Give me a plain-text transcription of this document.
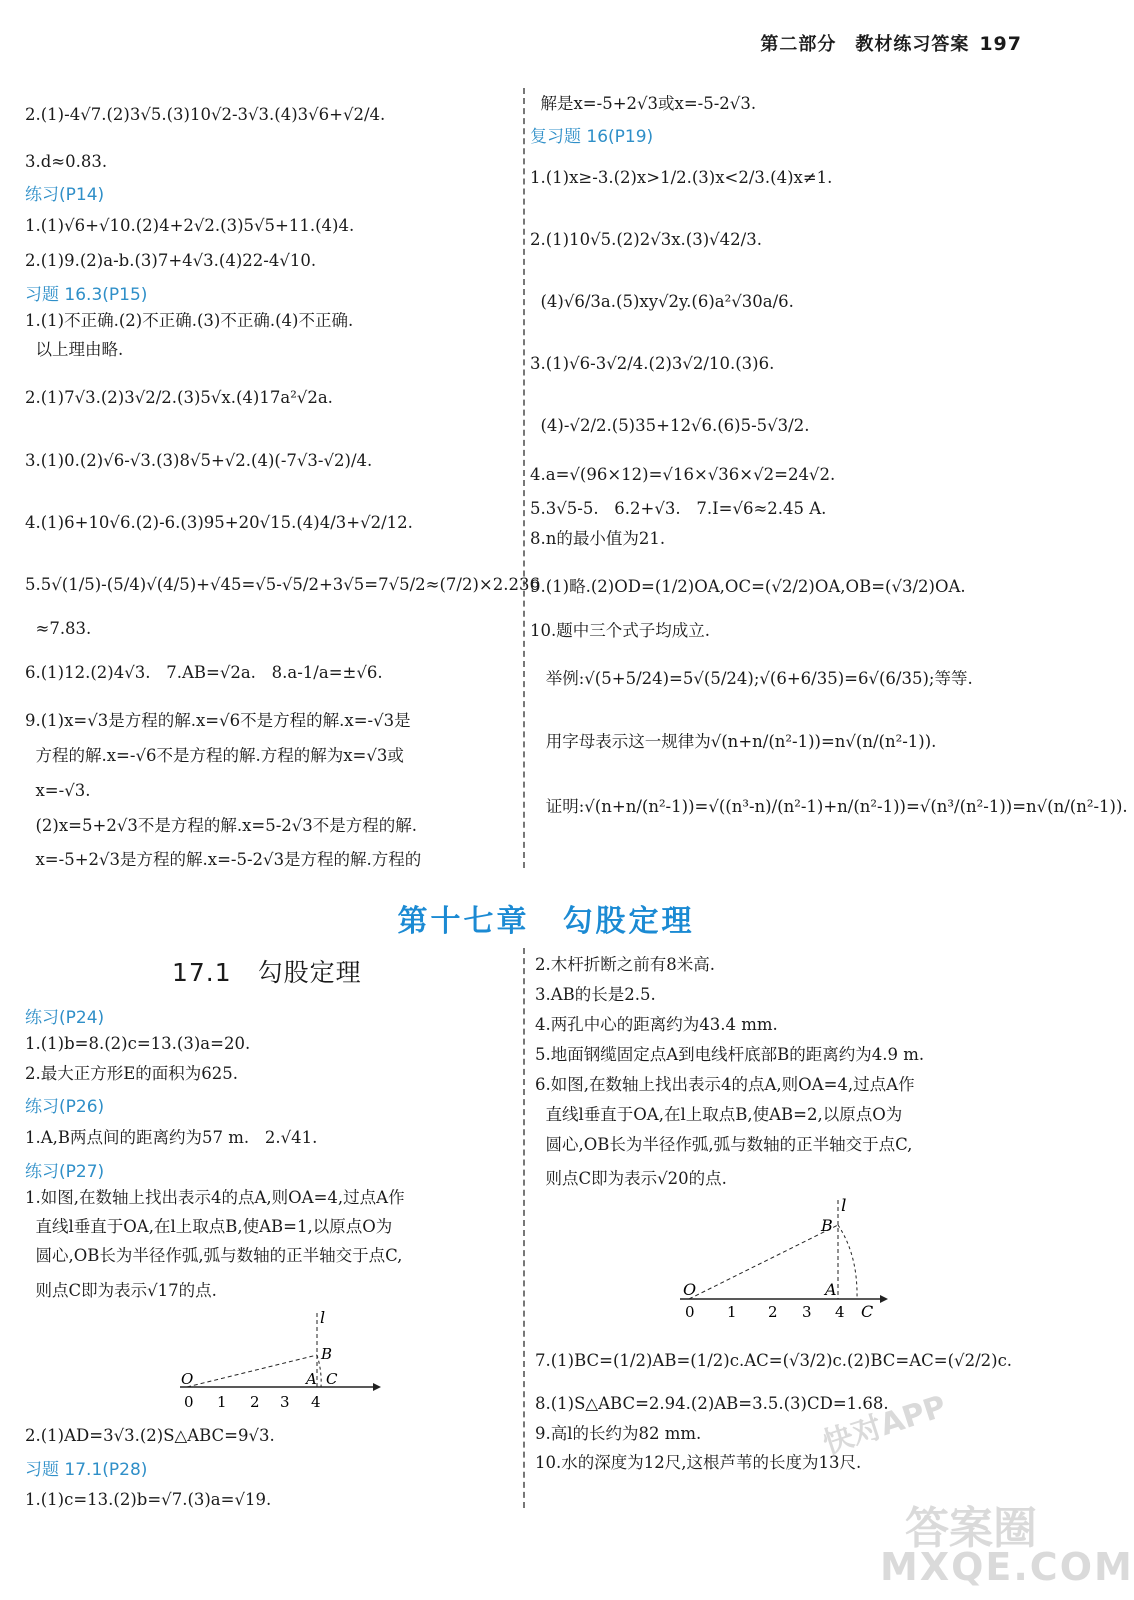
第二部分　教材练习答案 197
2.(1)-4√7.(2)3√5.(3)10√2-3√3.(4)3√6+√2/4.
3.d≈0.83.
1.(1)√6+√10.(2)4+2√2.(3)5√5+11.(4)4.
2.(1)9.(2)a-b.(3)7+4√3.(4)22-4√10.
1.(1)不正确.(2)不正确.(3)不正确.(4)不正确.
以上理由略.
2.(1)7√3.(2)3√2/2.(3)5√x.(4)17a²√2a.
3.(1)0.(2)√6-√3.(3)8√5+√2.(4)(-7√3-√2)/4.
4.(1)6+10√6.(2)-6.(3)95+20√15.(4)4/3+√2/12.
5.5√(1/5)-(5/4)√(4/5)+√45=√5-√5/2+3√5=7√5/2≈(7/2)×2.236
≈7.83.
6.(1)12.(2)4√3.   7.AB=√2a.   8.a-1/a=±√6.
9.(1)x=√3是方程的解.x=√6不是方程的解.x=-√3是
方程的解.x=-√6不是方程的解.方程的解为x=√3或
x=-√3.
(2)x=5+2√3不是方程的解.x=5-2√3不是方程的解.
x=-5+2√3是方程的解.x=-5-2√3是方程的解.方程的
练习(P14)
习题 16.3(P15)
解是x=-5+2√3或x=-5-2√3.
1.(1)x≥-3.(2)x>1/2.(3)x<2/3.(4)x≠1.
2.(1)10√5.(2)2√3x.(3)√42/3.
(4)√6/3a.(5)xy√2y.(6)a²√30a/6.
3.(1)√6-3√2/4.(2)3√2/10.(3)6.
(4)-√2/2.(5)35+12√6.(6)5-5√3/2.
4.a=√(96×12)=√16×√36×√2=24√2.
5.3√5-5.   6.2+√3.   7.I=√6≈2.45 A.
8.n的最小值为21.
9.(1)略.(2)OD=(1/2)OA,OC=(√2/2)OA,OB=(√3/2)OA.
10.题中三个式子均成立.
举例:√(5+5/24)=5√(5/24);√(6+6/35)=6√(6/35);等等.
用字母表示这一规律为√(n+n/(n²-1))=n√(n/(n²-1)).
证明:√(n+n/(n²-1))=√((n³-n)/(n²-1)+n/(n²-1))=√(n³/(n²-1))=n√(n/(n²-1)).
复习题 16(P19)
第十七章　勾股定理
17.1　勾股定理
1.(1)b=8.(2)c=13.(3)a=20.
2.最大正方形E的面积为625.
1.A,B两点间的距离约为57 m.   2.√41.
1.如图,在数轴上找出表示4的点A,则OA=4,过点A作
直线l垂直于OA,在l上取点B,使AB=1,以原点O为
圆心,OB长为半径作弧,弧与数轴的正半轴交于点C,
则点C即为表示√17的点.
2.(1)AD=3√3.(2)S△ABC=9√3.
1.(1)c=13.(2)b=√7.(3)a=√19.
练习(P24)
练习(P26)
练习(P27)
习题 17.1(P28)
2.木杆折断之前有8米高.
3.AB的长是2.5.
4.两孔中心的距离约为43.4 mm.
5.地面钢缆固定点A到电线杆底部B的距离约为4.9 m.
6.如图,在数轴上找出表示4的点A,则OA=4,过点A作
直线l垂直于OA,在l上取点B,使AB=2,以原点O为
圆心,OB长为半径作弧,弧与数轴的正半轴交于点C,
则点C即为表示√20的点.
7.(1)BC=(1/2)AB=(1/2)c.AC=(√3/2)c.(2)BC=AC=(√2/2)c.
8.(1)S△ABC=2.94.(2)AB=3.5.(3)CD=1.68.
9.高l的长约为82 mm.
10.水的深度为12尺,这根芦苇的长度为13尺.
O	A
B
C
l
0 1 2 3 4
O	A
B
C
l
0 1 2 3 4
快对APP
答案圈
MXQE.COM
